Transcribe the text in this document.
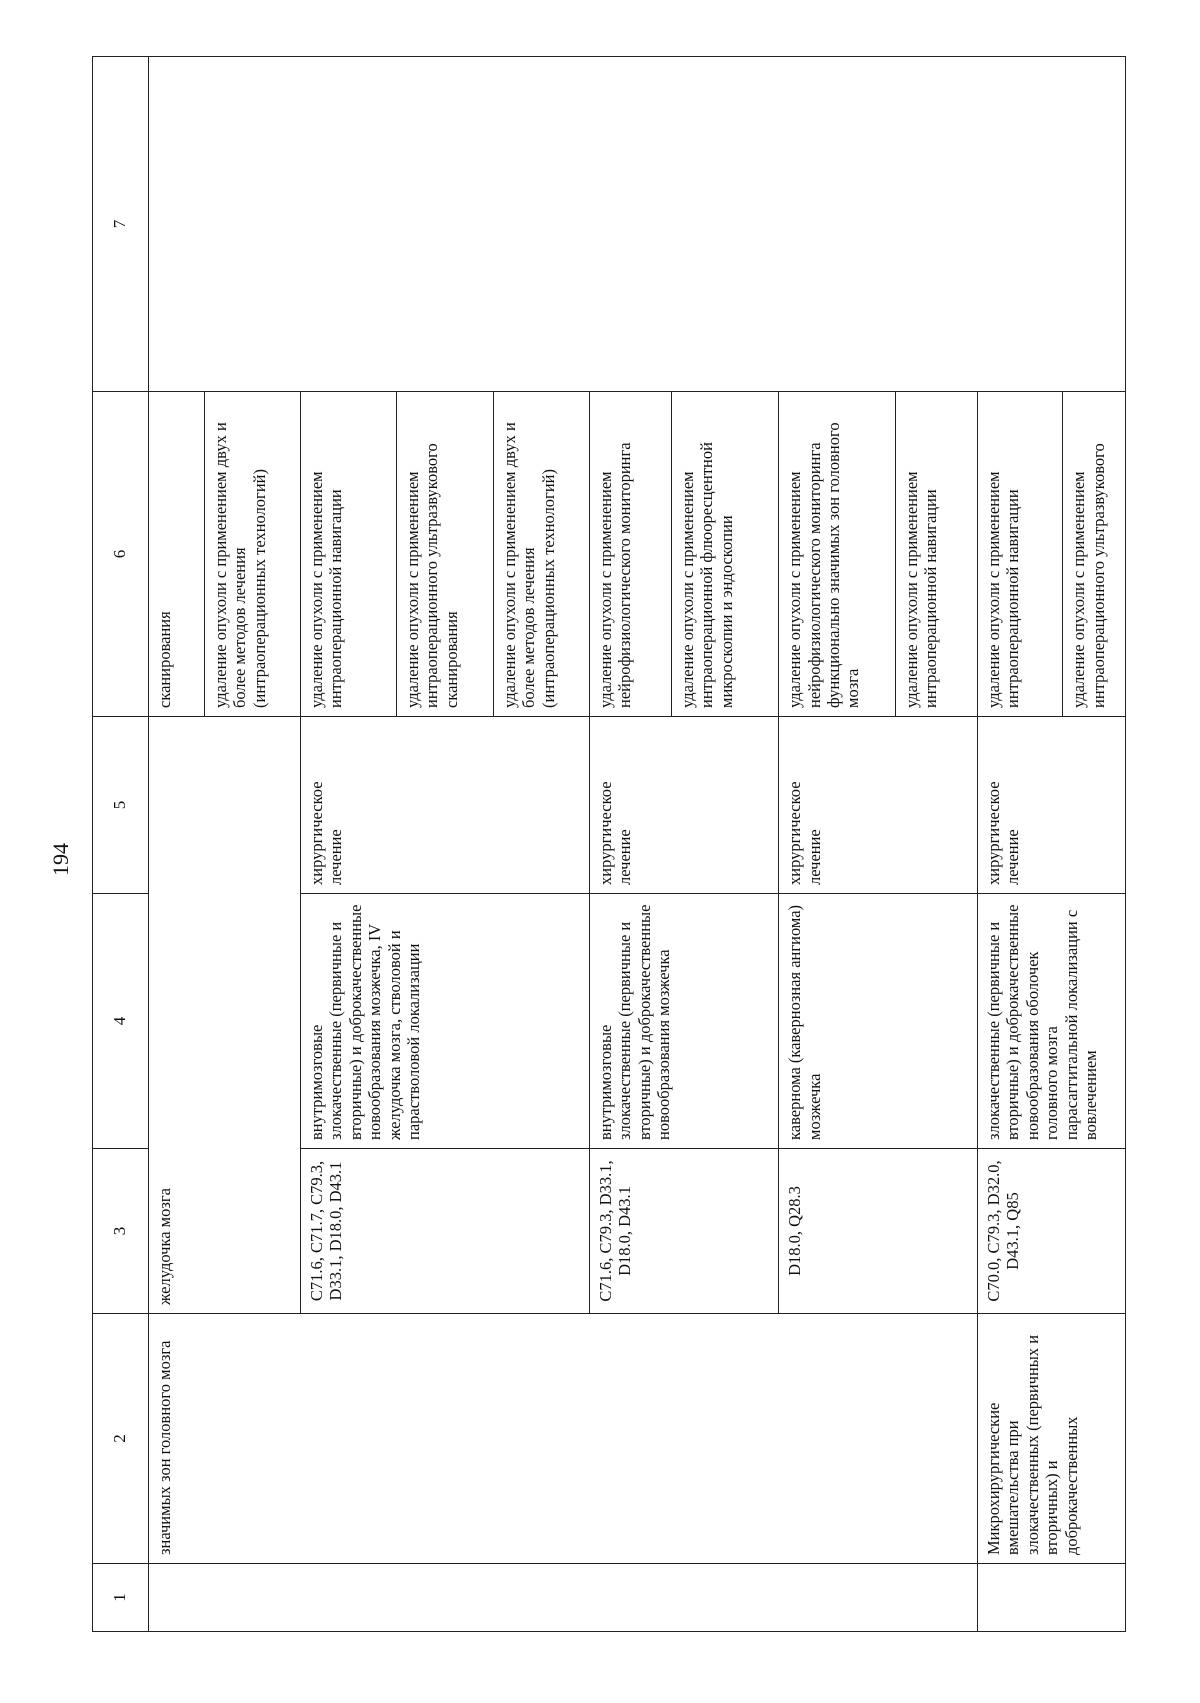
194
1	2	3	4	5	6	7
	значимых зон головного мозга	желудочка мозга			сканирования	
					удаление опухоли с применением двух и более методов лечения (интраоперационных технологий)	
		C71.6, C71.7, C79.3, D33.1, D18.0, D43.1	внутримозговые злокачественные (первичные и вторичные) и доброкачественные новообразования мозжечка, IV желудочка мозга, стволовой и парастволовой локализации	хирургическое лечение	удаление опухоли с применением интраоперационной навигации	
					удаление опухоли с применением интраоперационного ультразвукового сканирования	
					удаление опухоли с применением двух и более методов лечения (интраоперационных технологий)	
		C71.6, C79.3, D33.1, D18.0, D43.1	внутримозговые злокачественные (первичные и вторичные) и доброкачественные новообразования мозжечка	хирургическое лечение	удаление опухоли с применением нейрофизиологического мониторинга	
					удаление опухоли с применением интраоперационной флюоресцентной микроскопии и эндоскопии	
		D18.0, Q28.3	кавернома (кавернозная ангиома) мозжечка	хирургическое лечение	удаление опухоли с применением нейрофизиологического мониторинга функционально значимых зон головного мозга	
					удаление опухоли с применением интраоперационной навигации	

	Микрохирургические вмешательства при злокачественных (первичных и вторичных) и доброкачественных	C70.0, C79.3, D32.0, D43.1, Q85	злокачественные (первичные и вторичные) и доброкачественные новообразования оболочек головного мозга парасаггитальной локализации с вовлечением	хирургическое лечение	удаление опухоли с применением интраоперационной навигации	
					удаление опухоли с применением интраоперационного ультразвукового	
